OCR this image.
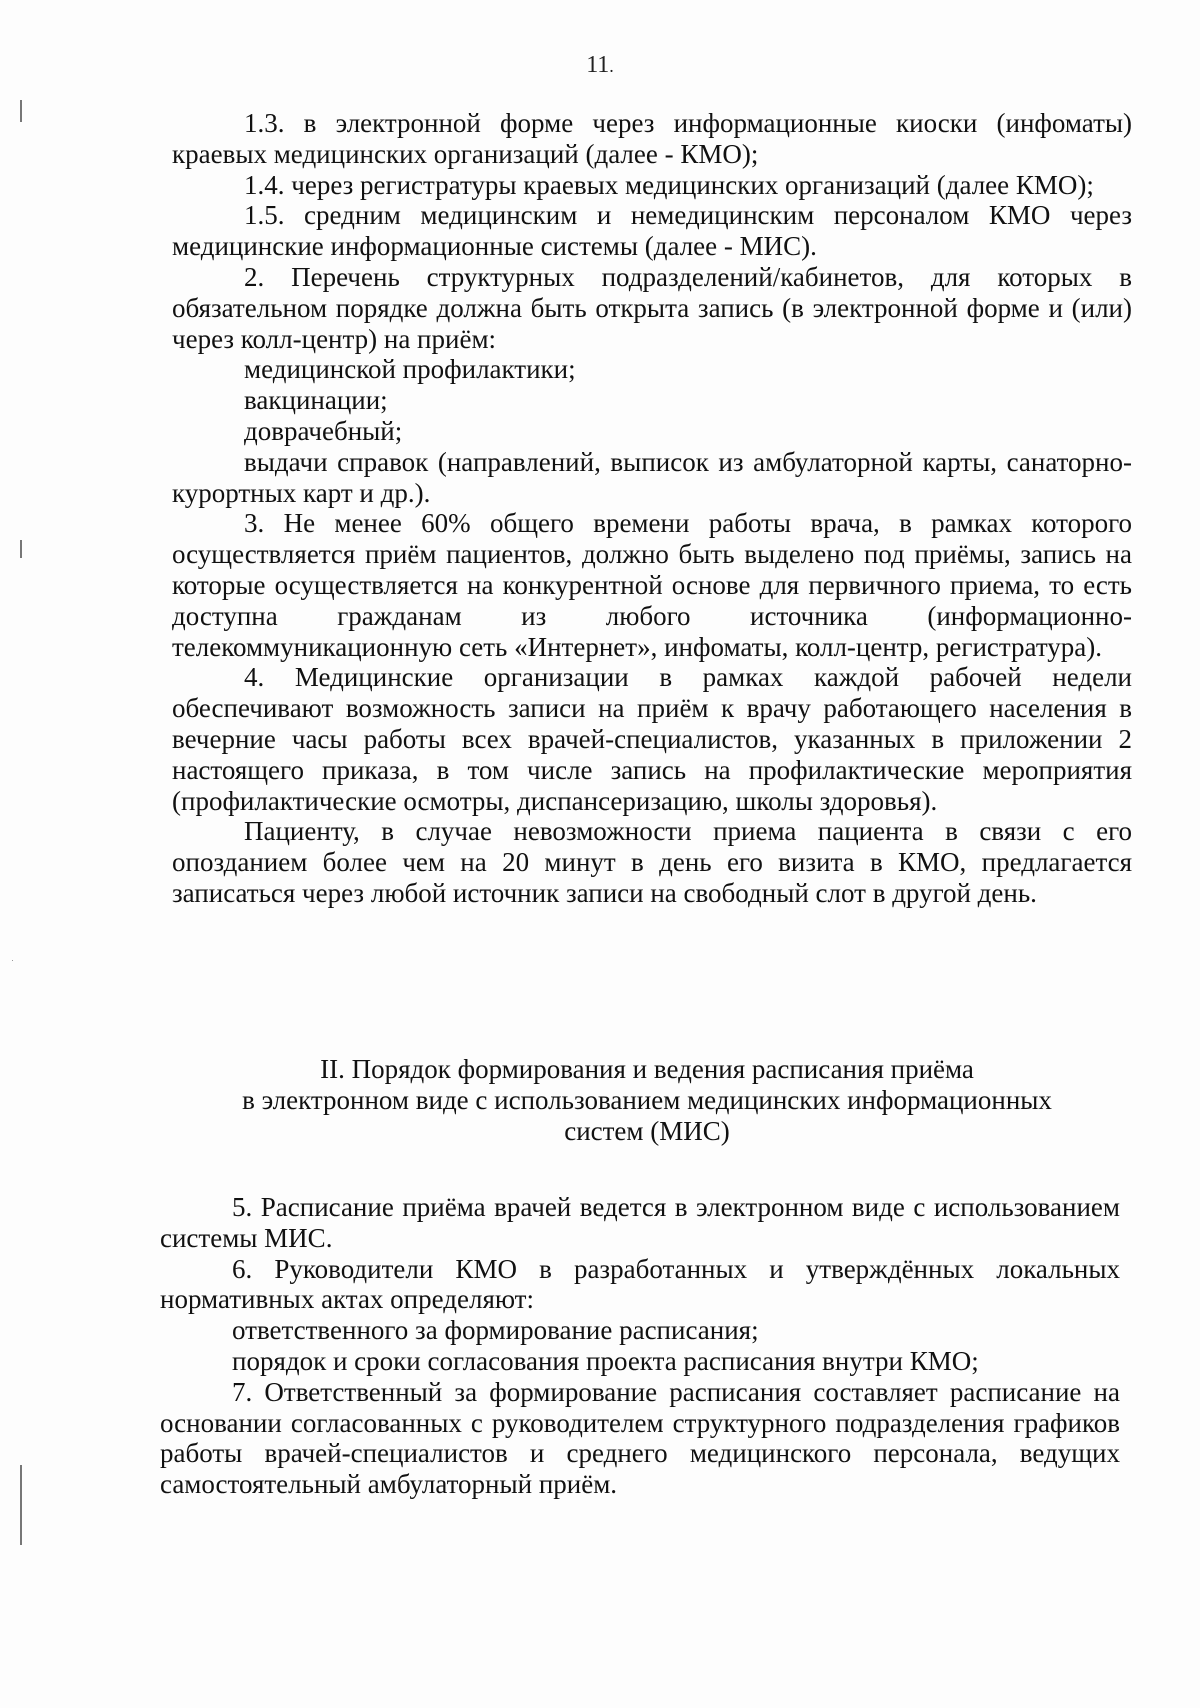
11.

1.3. в электронной форме через информационные киоски (инфоматы) краевых медицинских организаций (далее - КМО);

1.4. через регистратуры краевых медицинских организаций (далее КМО);

1.5. средним медицинским и немедицинским персоналом КМО через медицинские информационные системы (далее - МИС).

2. Перечень структурных подразделений/кабинетов, для которых в обязательном порядке должна быть открыта запись (в электронной форме и (или) через колл-центр) на приём:

медицинской профилактики;

вакцинации;

доврачебный;

выдачи справок (направлений, выписок из амбулаторной карты, санаторно-курортных карт и др.).

3. Не менее 60% общего времени работы врача, в рамках которого осуществляется приём пациентов, должно быть выделено под приёмы, запись на которые осуществляется на конкурентной основе для первичного приема, то есть доступна гражданам из любого источника (информационно-телекоммуникационную сеть «Интернет», инфоматы, колл-центр, регистратура).

4. Медицинские организации в рамках каждой рабочей недели обеспечивают возможность записи на приём к врачу работающего населения в вечерние часы работы всех врачей-специалистов, указанных в приложении 2 настоящего приказа, в том числе запись на профилактические мероприятия (профилактические осмотры, диспансеризацию, школы здоровья).

Пациенту, в случае невозможности приема пациента в связи с его опозданием более чем на 20 минут в день его визита в КМО, предлагается записаться через любой источник записи на свободный слот в другой день.

II. Порядок формирования и ведения расписания приёма
в электронном виде с использованием медицинских информационных
систем (МИС)

5. Расписание приёма врачей ведется в электронном виде с использованием системы МИС.

6. Руководители КМО в разработанных и утверждённых локальных нормативных актах определяют:

ответственного за формирование расписания;

порядок и сроки согласования проекта расписания внутри КМО;

7. Ответственный за формирование расписания составляет расписание на основании согласованных с руководителем структурного подразделения графиков работы врачей-специалистов и среднего медицинского персонала, ведущих самостоятельный амбулаторный приём.
